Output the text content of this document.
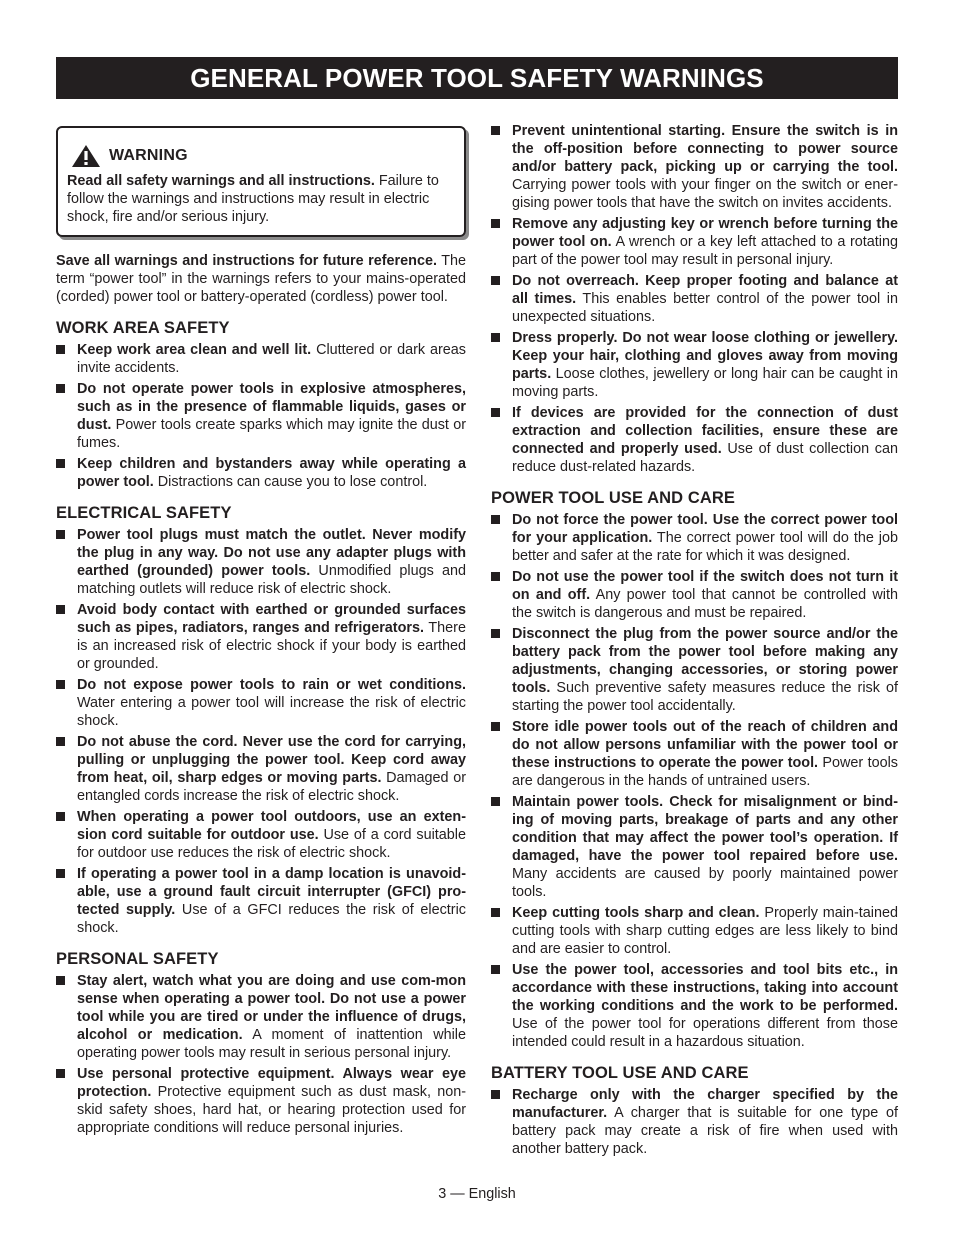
GENERAL POWER TOOL SAFETY WARNINGS
WARNING
Read all safety warnings and all instructions. Failure to follow the warnings and instructions may result in electric shock, fire and/or serious injury.
Save all warnings and instructions for future reference. The term “power tool” in the warnings refers to your mains-operated (corded) power tool or battery-operated (cordless) power tool.
WORK AREA SAFETY
Keep work area clean and well lit. Cluttered or dark areas invite accidents.
Do not operate power tools in explosive atmospheres, such as in the presence of flammable liquids, gases or dust. Power tools create sparks which may ignite the dust or fumes.
Keep children and bystanders away while operating a power tool. Distractions can cause you to lose control.
ELECTRICAL SAFETY
Power tool plugs must match the outlet. Never modify the plug in any way. Do not use any adapter plugs with earthed (grounded) power tools. Unmodified plugs and matching outlets will reduce risk of electric shock.
Avoid body contact with earthed or grounded surfaces such as pipes, radiators, ranges and refrigerators. There is an increased risk of electric shock if your body is earthed or grounded.
Do not expose power tools to rain or wet conditions. Water entering a power tool will increase the risk of electric shock.
Do not abuse the cord. Never use the cord for carrying, pulling or unplugging the power tool. Keep cord away from heat, oil, sharp edges or moving parts. Damaged or entangled cords increase the risk of electric shock.
When operating a power tool outdoors, use an exten-sion cord suitable for outdoor use. Use of a cord suitable for outdoor use reduces the risk of electric shock.
If operating a power tool in a damp location is unavoid-able, use a ground fault circuit interrupter (GFCI) pro-tected supply. Use of a GFCI reduces the risk of electric shock.
PERSONAL SAFETY
Stay alert, watch what you are doing and use com-mon sense when operating a power tool. Do not use a power tool while you are tired or under the influence of drugs, alcohol or medication. A moment of inattention while operating power tools may result in serious personal injury.
Use personal protective equipment. Always wear eye protection. Protective equipment such as dust mask, non-skid safety shoes, hard hat, or hearing protection used for appropriate conditions will reduce personal injuries.
Prevent unintentional starting. Ensure the switch is in the off-position before connecting to power source and/or battery pack, picking up or carrying the tool. Carrying power tools with your finger on the switch or ener-gising power tools that have the switch on invites accidents.
Remove any adjusting key or wrench before turning the power tool on. A wrench or a key left attached to a rotating part of the power tool may result in personal injury.
Do not overreach. Keep proper footing and balance at all times. This enables better control of the power tool in unexpected situations.
Dress properly. Do not wear loose clothing or jewellery. Keep your hair, clothing and gloves away from moving parts. Loose clothes, jewellery or long hair can be caught in moving parts.
If devices are provided for the connection of dust extraction and collection facilities, ensure these are connected and properly used. Use of dust collection can reduce dust-related hazards.
POWER TOOL USE AND CARE
Do not force the power tool. Use the correct power tool for your application. The correct power tool will do the job better and safer at the rate for which it was designed.
Do not use the power tool if the switch does not turn it on and off. Any power tool that cannot be controlled with the switch is dangerous and must be repaired.
Disconnect the plug from the power source and/or the battery pack from the power tool before making any adjustments, changing accessories, or storing power tools. Such preventive safety measures reduce the risk of starting the power tool accidentally.
Store idle power tools out of the reach of children and do not allow persons unfamiliar with the power tool or these instructions to operate the power tool. Power tools are dangerous in the hands of untrained users.
Maintain power tools. Check for misalignment or bind-ing of moving parts, breakage of parts and any other condition that may affect the power tool’s operation. If damaged, have the power tool repaired before use. Many accidents are caused by poorly maintained power tools.
Keep cutting tools sharp and clean. Properly main-tained cutting tools with sharp cutting edges are less likely to bind and are easier to control.
Use the power tool, accessories and tool bits etc., in accordance with these instructions, taking into account the working conditions and the work to be performed. Use of the power tool for operations different from those intended could result in a hazardous situation.
BATTERY TOOL USE AND CARE
Recharge only with the charger specified by the manufacturer. A charger that is suitable for one type of battery pack may create a risk of fire when used with another battery pack.
3 — English
